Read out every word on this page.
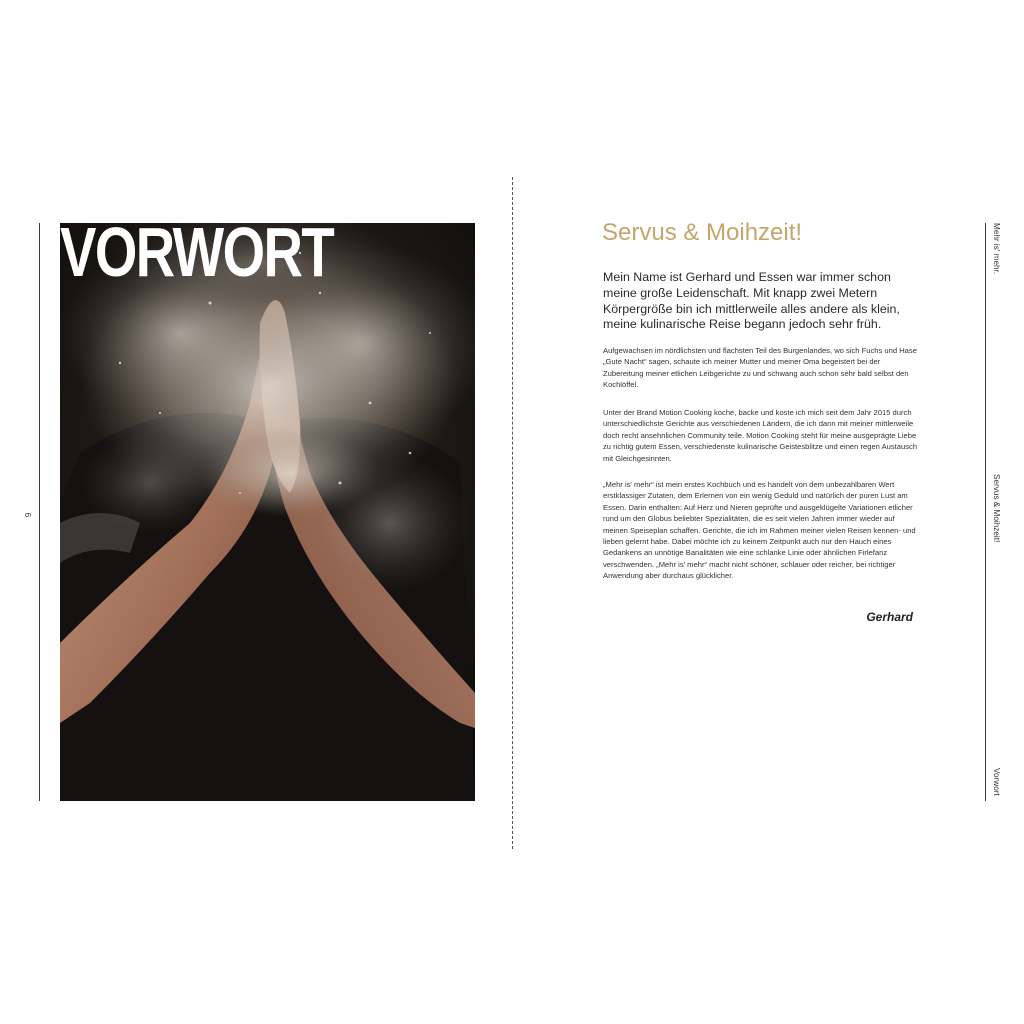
6
VORWORT	Servus & Moihzeit!

Mein Name ist Gerhard und Essen war immer schon meine große Leidenschaft. Mit knapp zwei Metern Körpergröße bin ich mittlerweile alles andere als klein, meine kulinarische Reise begann jedoch sehr früh.

Aufgewachsen im nördlichsten und flachsten Teil des Burgenlandes, wo sich Fuchs und Hase „Gute Nacht“ sagen, schaute ich meiner Mutter und meiner Oma begeistert bei der Zubereitung meiner etlichen Leibgerichte zu und schwang auch schon sehr bald selbst den Kochlöffel.

Unter der Brand Motion Cooking koche, backe und koste ich mich seit dem Jahr 2015 durch unterschiedlichste Gerichte aus verschiedenen Ländern, die ich dann mit meiner mittlerweile doch recht ansehnlichen Community teile. Motion Cooking steht für meine ausgeprägte Liebe zu richtig gutem Essen, verschiedenste kulinarische Geistesblitze und einen regen Austausch mit Gleichgesinnten.

„Mehr is' mehr“ ist mein erstes Kochbuch und es handelt von dem unbezahlbaren Wert erstklassiger Zutaten, dem Erlernen von ein wenig Geduld und natürlich der puren Lust am Essen. Darin enthalten: Auf Herz und Nieren geprüfte und ausgeklügelte Variationen etlicher rund um den Globus beliebter Spezialitäten, die es seit vielen Jahren immer wieder auf meinen Speiseplan schaffen. Gerichte, die ich im Rahmen meiner vielen Reisen kennen- und lieben gelernt habe. Dabei möchte ich zu keinem Zeitpunkt auch nur den Hauch eines Gedankens an unnötige Banalitäten wie eine schlanke Linie oder ähnlichen Firlefanz verschwenden. „Mehr is' mehr“ macht nicht schöner, schlauer oder reicher, bei richtiger Anwendung aber durchaus glücklicher.

Gerhard
Mehr is' mehr.
Servus & Moihzeit!
Vorwort
